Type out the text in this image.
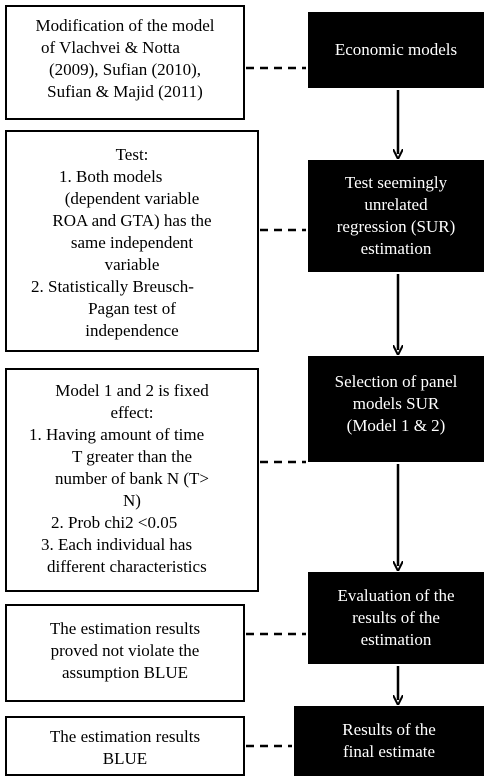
Modification of the model
of Vlachvei & Notta
(2009), Sufian (2010),
Sufian & Majid (2011)
Test:
1. Both models
(dependent variable
ROA and GTA) has the
same independent
variable
2. Statistically Breusch-
Pagan test of
independence
Model 1 and 2 is fixed
effect:
1. Having amount of time
T greater than the
number of bank N (T>
N)
2. Prob chi2 <0.05
3. Each individual has
different characteristics
The estimation results
proved not violate the
assumption BLUE
The estimation results
BLUE
Economic models
Test seemingly
unrelated
regression (SUR)
estimation
Selection of panel
models SUR
(Model 1 & 2)
Evaluation of the
results of the
estimation
Results of the
final estimate
